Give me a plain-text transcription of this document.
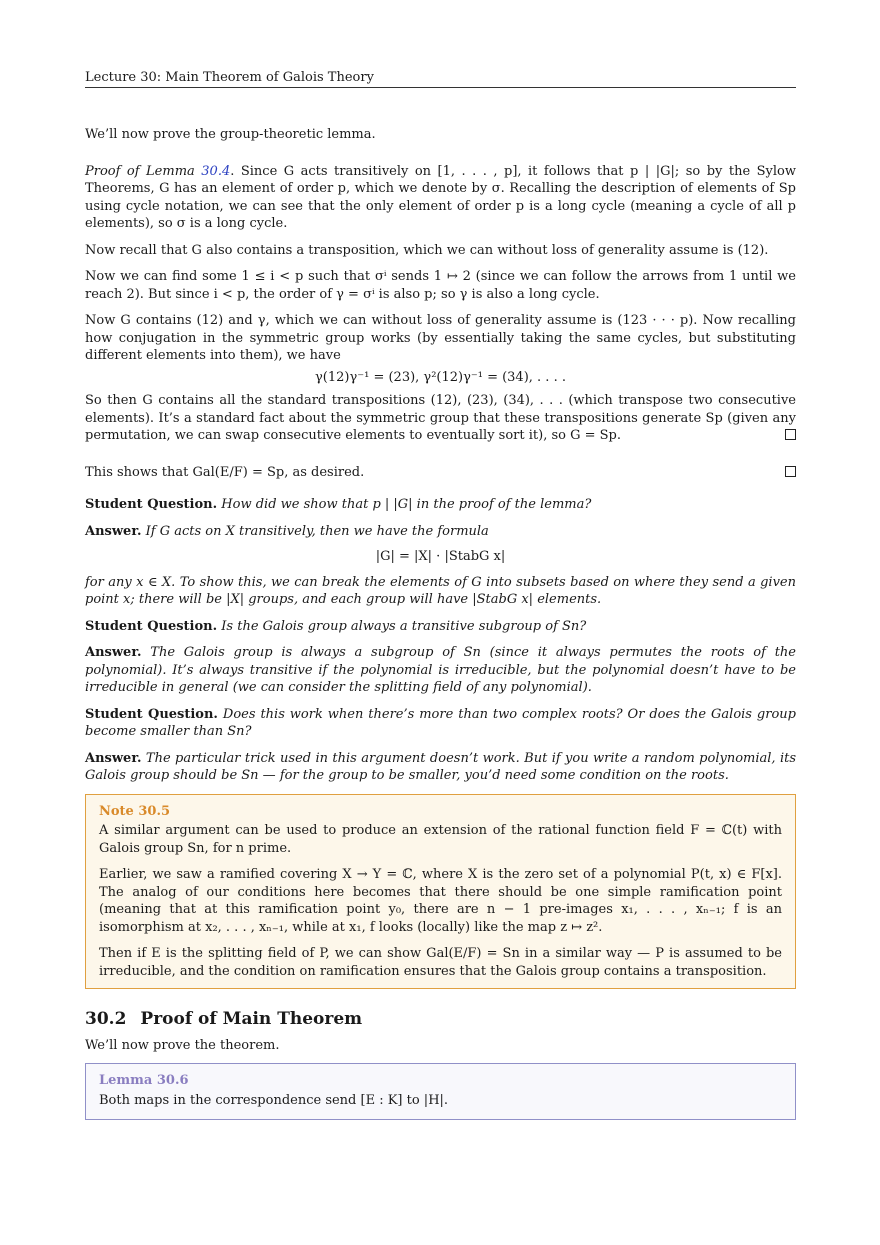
Lecture 30: Main Theorem of Galois Theory

We’ll now prove the group-theoretic lemma.

Proof of Lemma 30.4. Since G acts transitively on [1, . . . , p], it follows that p | |G|; so by the Sylow Theorems, G has an element of order p, which we denote by σ. Recalling the description of elements of Sp using cycle notation, we can see that the only element of order p is a long cycle (meaning a cycle of all p elements), so σ is a long cycle.

Now recall that G also contains a transposition, which we can without loss of generality assume is (12).

Now we can find some 1 ≤ i < p such that σⁱ sends 1 ↦ 2 (since we can follow the arrows from 1 until we reach 2). But since i < p, the order of γ = σⁱ is also p; so γ is also a long cycle.

Now G contains (12) and γ, which we can without loss of generality assume is (123 · · · p). Now recalling how conjugation in the symmetric group works (by essentially taking the same cycles, but substituting different elements into them), we have

γ(12)γ⁻¹ = (23), γ²(12)γ⁻¹ = (34), . . . .

So then G contains all the standard transpositions (12), (23), (34), . . . (which transpose two consecutive elements). It’s a standard fact about the symmetric group that these transpositions generate Sp (given any permutation, we can swap consecutive elements to eventually sort it), so G = Sp.

This shows that Gal(E/F) = Sp, as desired.

Student Question. How did we show that p | |G| in the proof of the lemma?

Answer. If G acts on X transitively, then we have the formula

|G| = |X| · |StabG x|

for any x ∈ X. To show this, we can break the elements of G into subsets based on where they send a given point x; there will be |X| groups, and each group will have |StabG x| elements.

Student Question. Is the Galois group always a transitive subgroup of Sn?

Answer. The Galois group is always a subgroup of Sn (since it always permutes the roots of the polynomial). It’s always transitive if the polynomial is irreducible, but the polynomial doesn’t have to be irreducible in general (we can consider the splitting field of any polynomial).

Student Question. Does this work when there’s more than two complex roots? Or does the Galois group become smaller than Sn?

Answer. The particular trick used in this argument doesn’t work. But if you write a random polynomial, its Galois group should be Sn — for the group to be smaller, you’d need some condition on the roots.

Note 30.5

A similar argument can be used to produce an extension of the rational function field F = ℂ(t) with Galois group Sn, for n prime.

Earlier, we saw a ramified covering X → Y = ℂ, where X is the zero set of a polynomial P(t, x) ∈ F[x]. The analog of our conditions here becomes that there should be one simple ramification point (meaning that at this ramification point y₀, there are n − 1 pre-images x₁, . . . , xₙ₋₁; f is an isomorphism at x₂, . . . , xₙ₋₁, while at x₁, f looks (locally) like the map z ↦ z².

Then if E is the splitting field of P, we can show Gal(E/F) = Sn in a similar way — P is assumed to be irreducible, and the condition on ramification ensures that the Galois group contains a transposition.

30.2 Proof of Main Theorem

We’ll now prove the theorem.

Lemma 30.6
Both maps in the correspondence send [E : K] to |H|.
